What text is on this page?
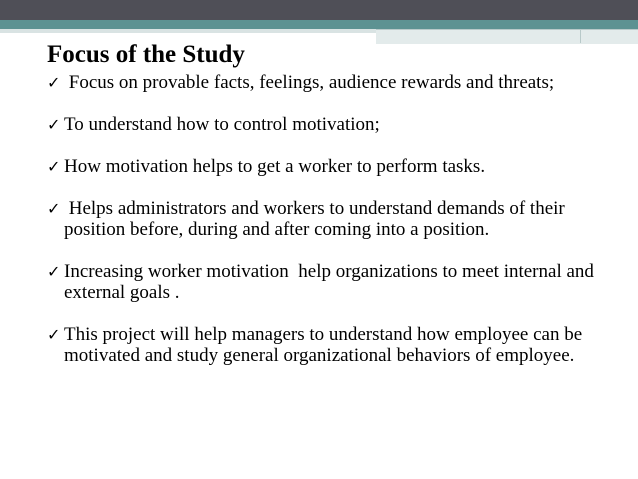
Focus of the Study
✓ Focus on provable facts, feelings, audience rewards and threats;
✓ To understand how to control motivation;
✓ How motivation helps to get a worker to perform tasks.
✓ Helps administrators and workers to understand demands of their position before, during and after coming into a position.
✓ Increasing worker motivation  help organizations to meet internal and external goals .
✓ This project will help managers to understand how employee can be motivated and study general organizational behaviors of employee.
